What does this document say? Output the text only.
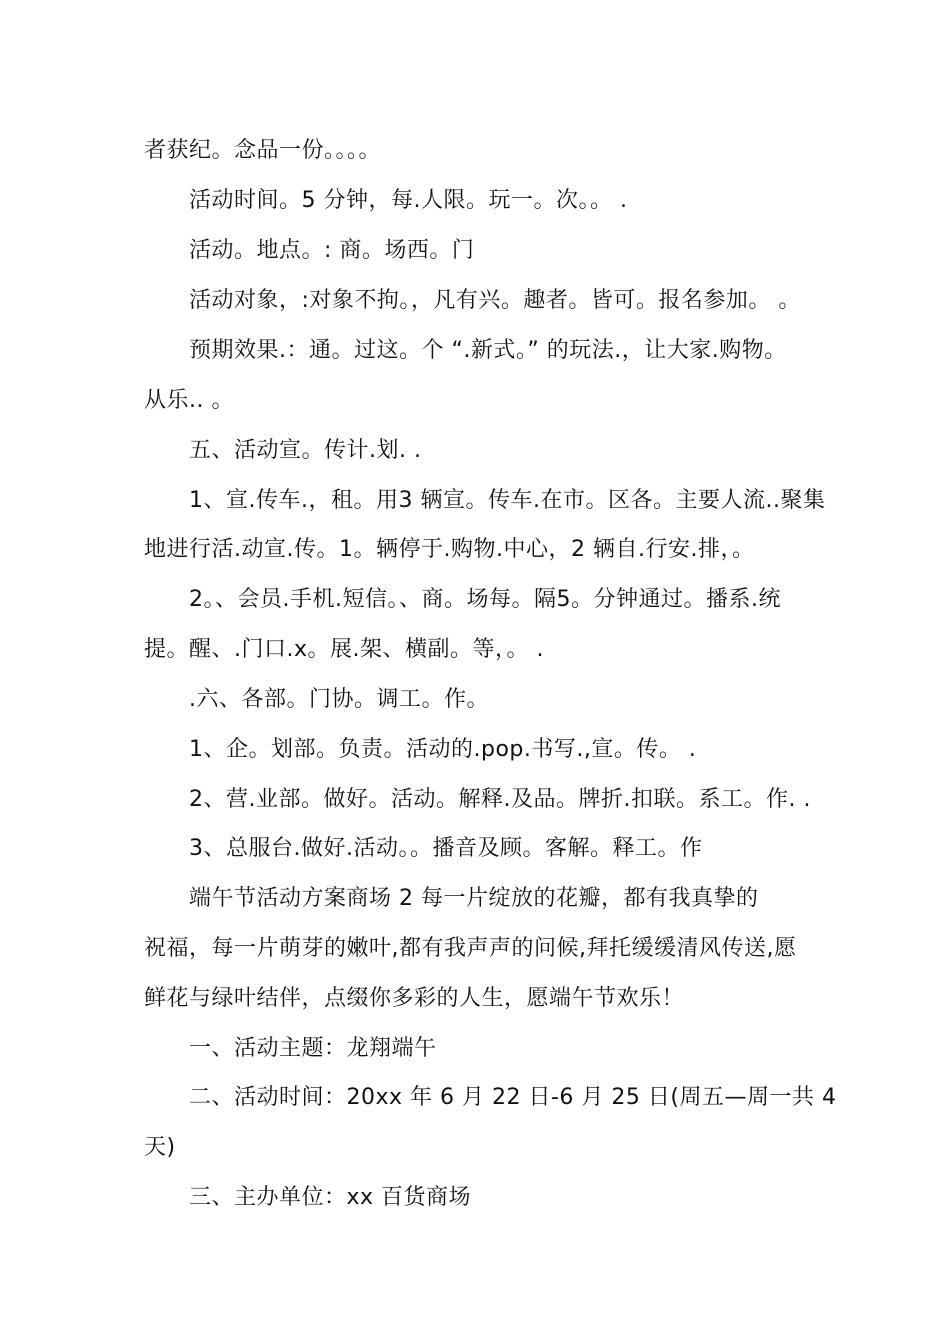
者获纪。念品一份。。。。
活动时间。5 分钟，每.人限。玩一。次。。 .
活动。地点。: 商。场西。门
活动对象，:对象不拘。，凡有兴。趣者。皆可。报名参加。 。
预期效果.：通。过这。个 “.新式。” 的玩法.，让大家.购物。
从乐.. 。
五、活动宣。传计.划. .
1、宣.传车.，租。用3 辆宣。传车.在市。区各。主要人流..聚集
地进行活.动宣.传。1。辆停于.购物.中心，2 辆自.行安.排，。
2。、会员.手机.短信。、商。场每。隔5。分钟通过。播系.统
提。醒、.门口.x。展.架、横副。等，。 .
.六、各部。门协。调工。作。
1、企。划部。负责。活动的.pop.书写.,宣。传。 .
2、营.业部。做好。活动。解释.及品。牌折.扣联。系工。作. .
3、总服台.做好.活动。。播音及顾。客解。释工。作
端午节活动方案商场 2 每一片绽放的花瓣，都有我真挚的
祝福，每一片萌芽的嫩叶,都有我声声的问候,拜托缓缓清风传送,愿
鲜花与绿叶结伴，点缀你多彩的人生，愿端午节欢乐！
一、活动主题：龙翔端午
二、活动时间：20xx 年 6 月 22 日-6 月 25 日(周五—周一共 4
天)
三、主办单位：xx 百货商场
